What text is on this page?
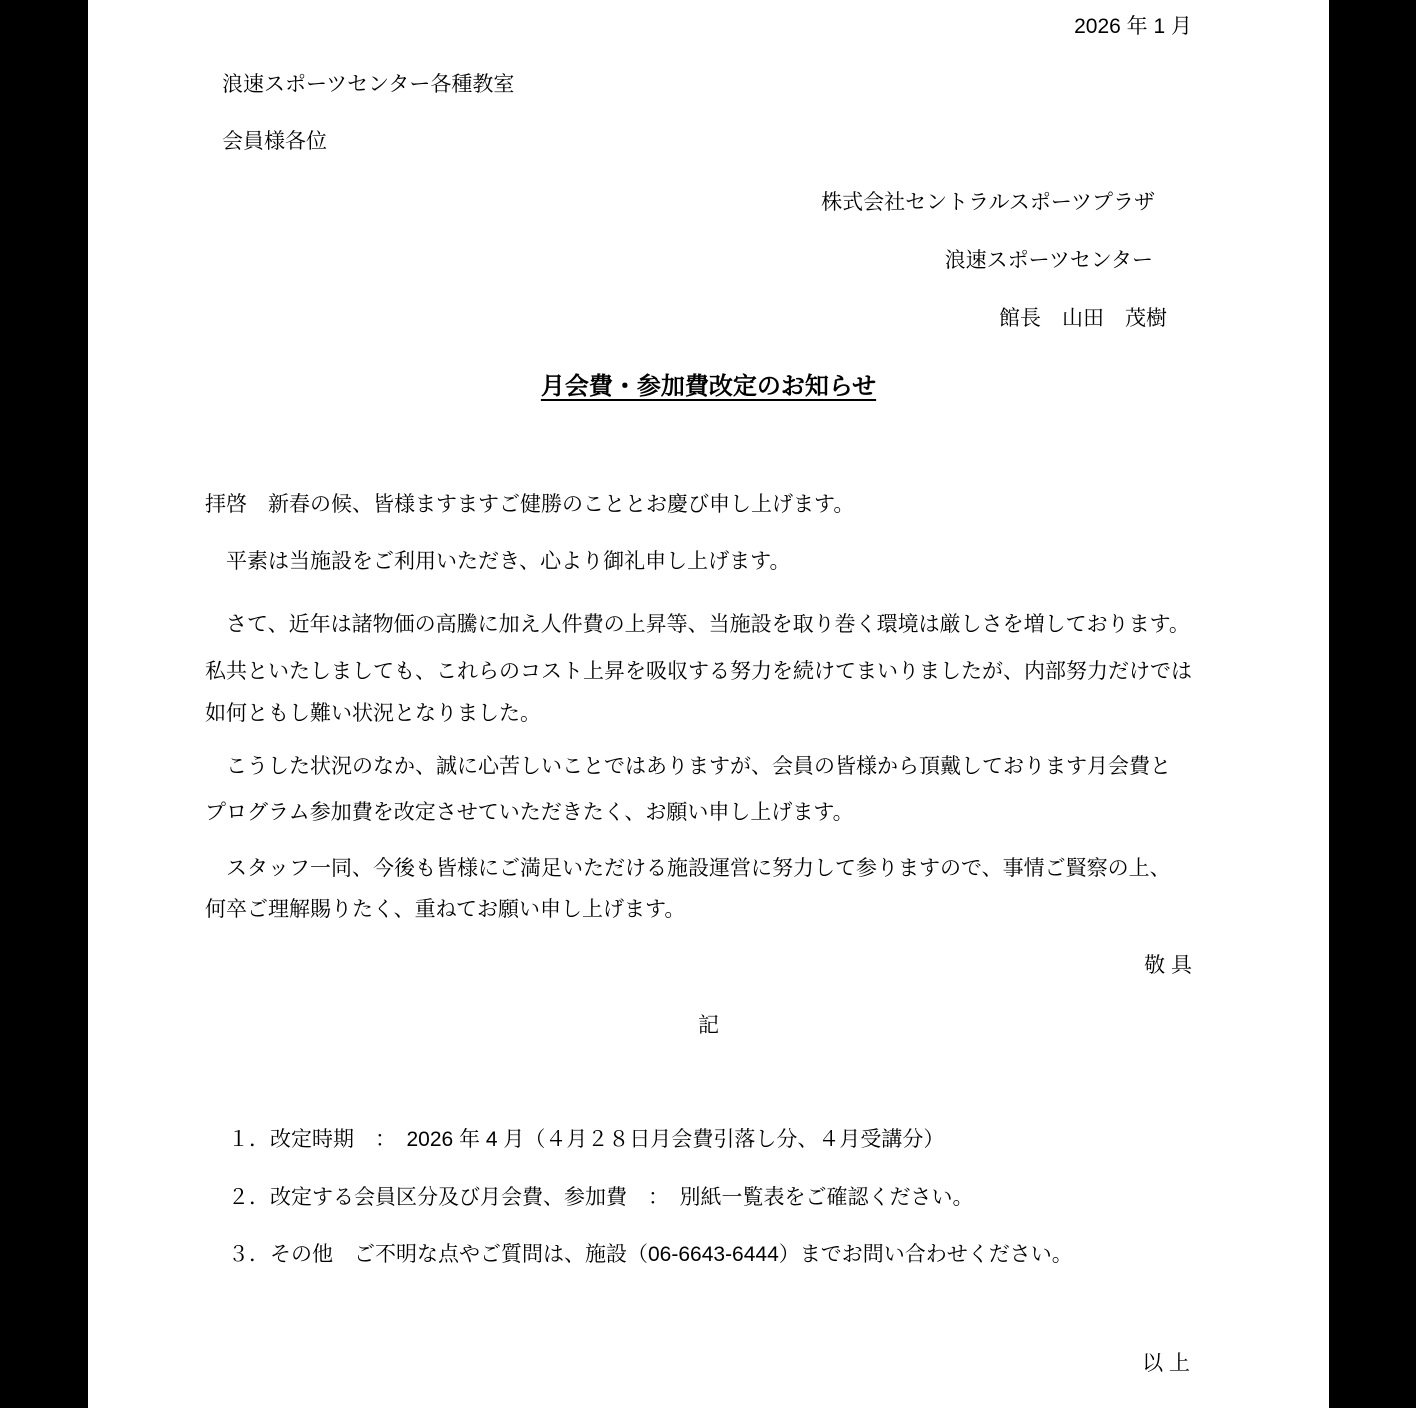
2026 年 1 月
浪速スポーツセンター各種教室
会員様各位
株式会社セントラルスポーツプラザ
浪速スポーツセンター
館長　山田　茂樹
月会費・参加費改定のお知らせ
拝啓　新春の候、皆様ますますご健勝のこととお慶び申し上げます。
　平素は当施設をご利用いただき、心より御礼申し上げます。
　さて、近年は諸物価の高騰に加え人件費の上昇等、当施設を取り巻く環境は厳しさを増しております。
私共といたしましても、これらのコスト上昇を吸収する努力を続けてまいりましたが、内部努力だけでは
如何ともし難い状況となりました。
　こうした状況のなか、誠に心苦しいことではありますが、会員の皆様から頂戴しております月会費と
プログラム参加費を改定させていただきたく、お願い申し上げます。
　スタッフ一同、今後も皆様にご満足いただける施設運営に努力して参りますので、事情ご賢察の上、
何卒ご理解賜りたく、重ねてお願い申し上げます。
敬 具
記
１．改定時期　：　2026 年 4 月（４月２８日月会費引落し分、４月受講分）
２．改定する会員区分及び月会費、参加費　：　別紙一覧表をご確認ください。
３．その他　ご不明な点やご質問は、施設（06-6643-6444）までお問い合わせください。
以 上
